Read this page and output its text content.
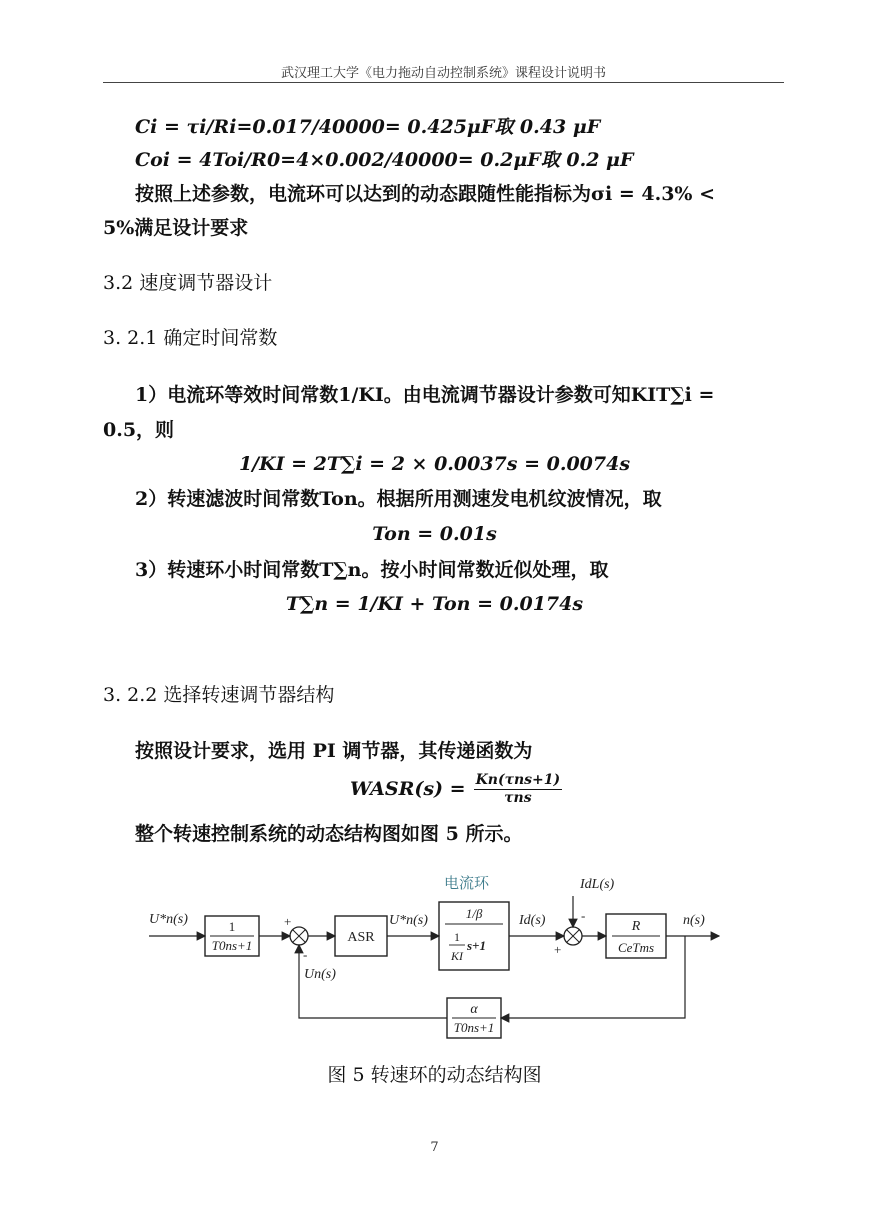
武汉理工大学《电力拖动自动控制系统》课程设计说明书
Ci = τi/Ri=0.017/40000= 0.425μF取 0.43 μF
Coi = 4Toi/R0=4×0.002/40000= 0.2μF取 0.2 μF
按照上述参数，电流环可以达到的动态跟随性能指标为σi = 4.3% <
5%满足设计要求
3.2 速度调节器设计
3. 2.1 确定时间常数
1）电流环等效时间常数1/KI。由电流调节器设计参数可知KIT∑i =
0.5，则
1/KI = 2T∑i = 2 × 0.0037s = 0.0074s
2）转速滤波时间常数Ton。根据所用测速发电机纹波情况，取
Ton = 0.01s
3）转速环小时间常数T∑n。按小时间常数近似处理，取
T∑n = 1/KI + Ton = 0.0174s
3. 2.2 选择转速调节器结构
按照设计要求，选用 PI 调节器，其传递函数为
WASR(s) = Kn(τns+1)
τns
整个转速控制系统的动态结构图如图 5 所示。
U*n(s)	1
T0ns+1
+
-
Un(s)
ASR
U*n(s)
电流环
1/β
1
KI
s+1
Id(s)
IdL(s)
-
+
R
CeTms
n(s)
α
T0ns+1
图 5 转速环的动态结构图
7
